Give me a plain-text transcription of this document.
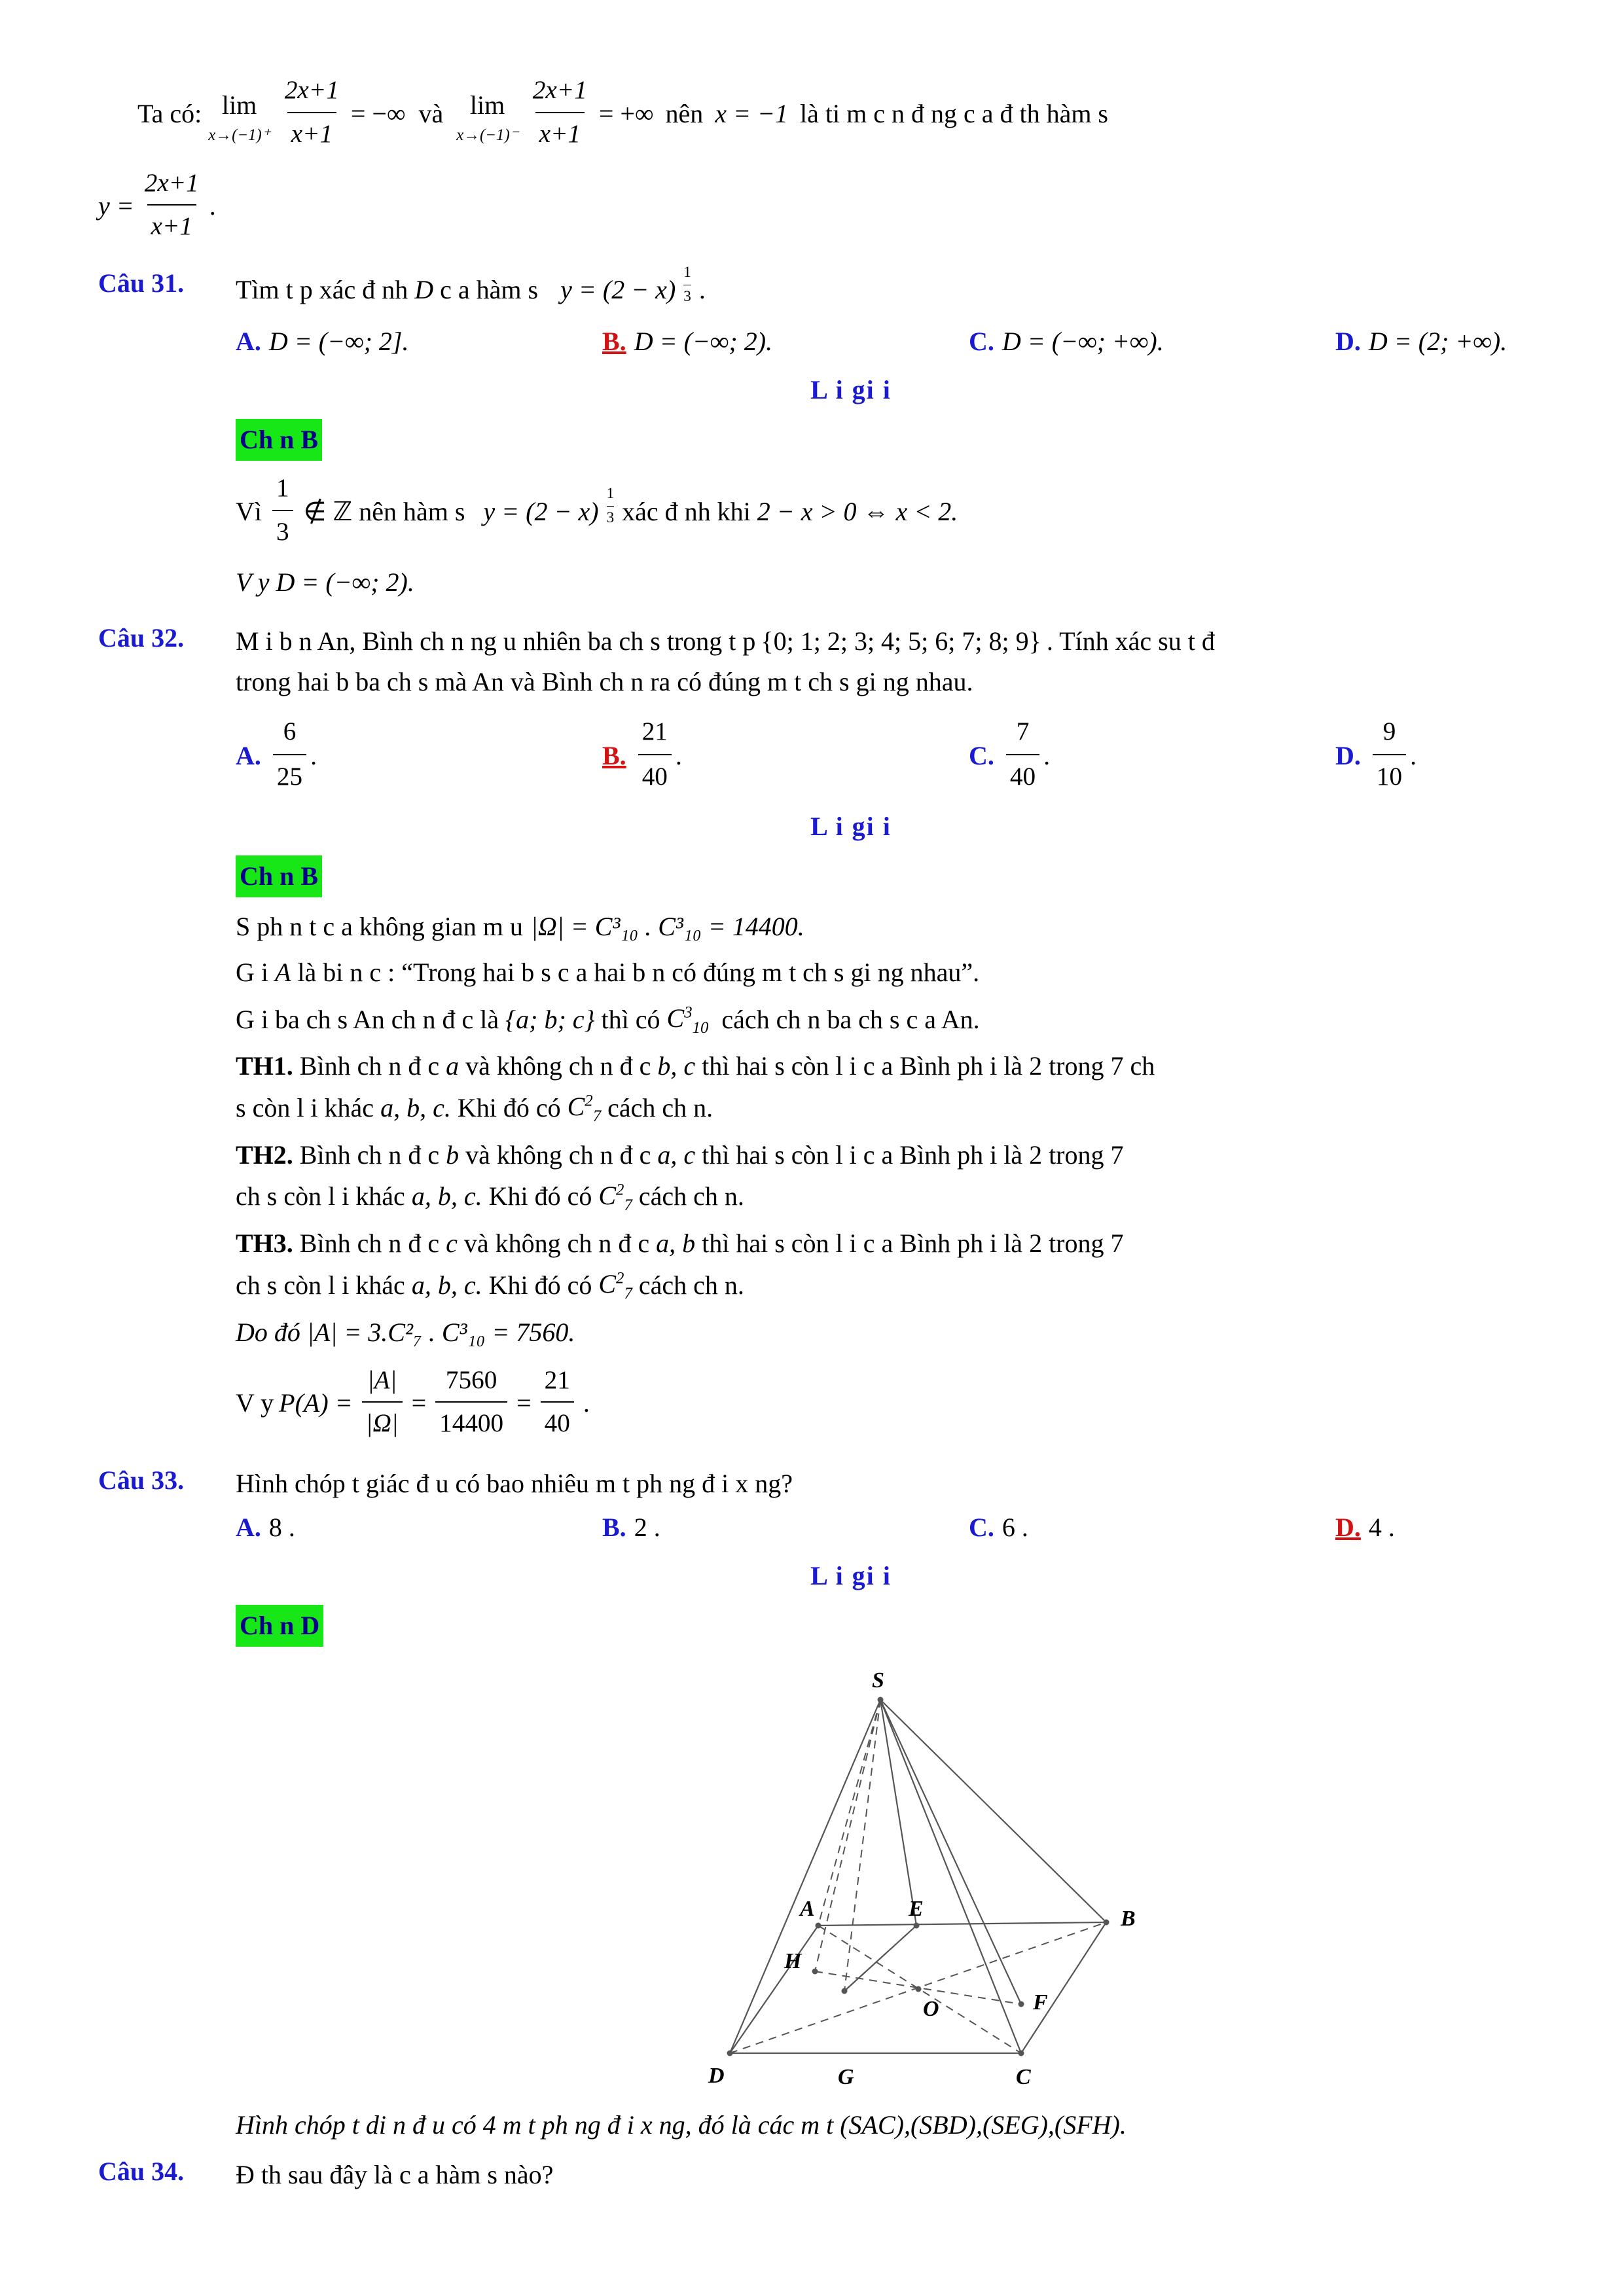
Ta có: lim
$x\to(-1)^+ \frac{2x+1}{x+1}$ = −∞ và lim
$x\to(-1)^- \frac{2x+1}{x+1}$ = +∞ nên x = −1 là ti m c n đ ng c a đ th hàm s
$y = \frac{2x+1}{x+1}$ .
Câu 31.	Tìm t p xác đ nh D c a hàm s $y = (2 - x) \frac{1}{3}$ .
A. D = (−∞; 2].	B. D = (−∞; 2).	C. D = (−∞; +∞).	D. D = (2; +∞).
L i gi i
Ch n B
Vì $\frac{1}{3}$ ∉ ℤ nên hàm s $y = (2 - x) \frac{1}{3}$ xác đ nh khi 2 − x > 0 ⇔ x < 2.
V y D = (−∞; 2).
Câu 32.	M i b n An, Bình ch n ng u nhiên ba ch s trong t p {0; 1; 2; 3; 4; 5; 6; 7; 8; 9} . Tính xác su t đ
trong hai b ba ch s mà An và Bình ch n ra có đúng m t ch s gi ng nhau.
A. $\frac{6}{25}$ .	B. $\frac{21}{40}$ .	C. $\frac{7}{40}$ .	D. $\frac{9}{10}$ .
L i gi i
Ch n B
S ph n t c a không gian m u |Ω| = C³₁₀ . C³₁₀ = 14400.
G i A là bi n c : “Trong hai b s c a hai b n có đúng m t ch s gi ng nhau”.
G i ba ch s An ch n đ c là {a; b; c} thì có $C^3_{10}$ cách ch n ba ch s c a An.
TH1. Bình ch n đ c a và không ch n đ c b, c thì hai s còn l i c a Bình ph i là 2 trong 7 ch
s còn l i khác a, b, c. Khi đó có $C^2_7$ cách ch n.
TH2. Bình ch n đ c b và không ch n đ c a, c thì hai s còn l i c a Bình ph i là 2 trong 7
ch s còn l i khác a, b, c. Khi đó có $C^2_7$ cách ch n.
TH3. Bình ch n đ c c và không ch n đ c a, b thì hai s còn l i c a Bình ph i là 2 trong 7
ch s còn l i khác a, b, c. Khi đó có $C^2_7$ cách ch n.
Do đó |A| = 3.C²₇ . C³₁₀ = 7560.
V y $P(A) = \frac{|A|}{|\Omega|} = \frac{7560}{14400} = \frac{21}{40}$ .
Câu 33.	Hình chóp t giác đ u có bao nhiêu m t ph ng đ i x ng?
A. 8 .	B. 2 .	C. 6 .	D. 4 .
L i gi i
Ch n D
S
A	E	B
H
O	F
D	G	C
Hình chóp t di n đ u có 4 m t ph ng đ i x ng, đó là các m t (SAC),(SBD),(SEG),(SFH).
Câu 34.	Đ th sau đây là c a hàm s nào?
